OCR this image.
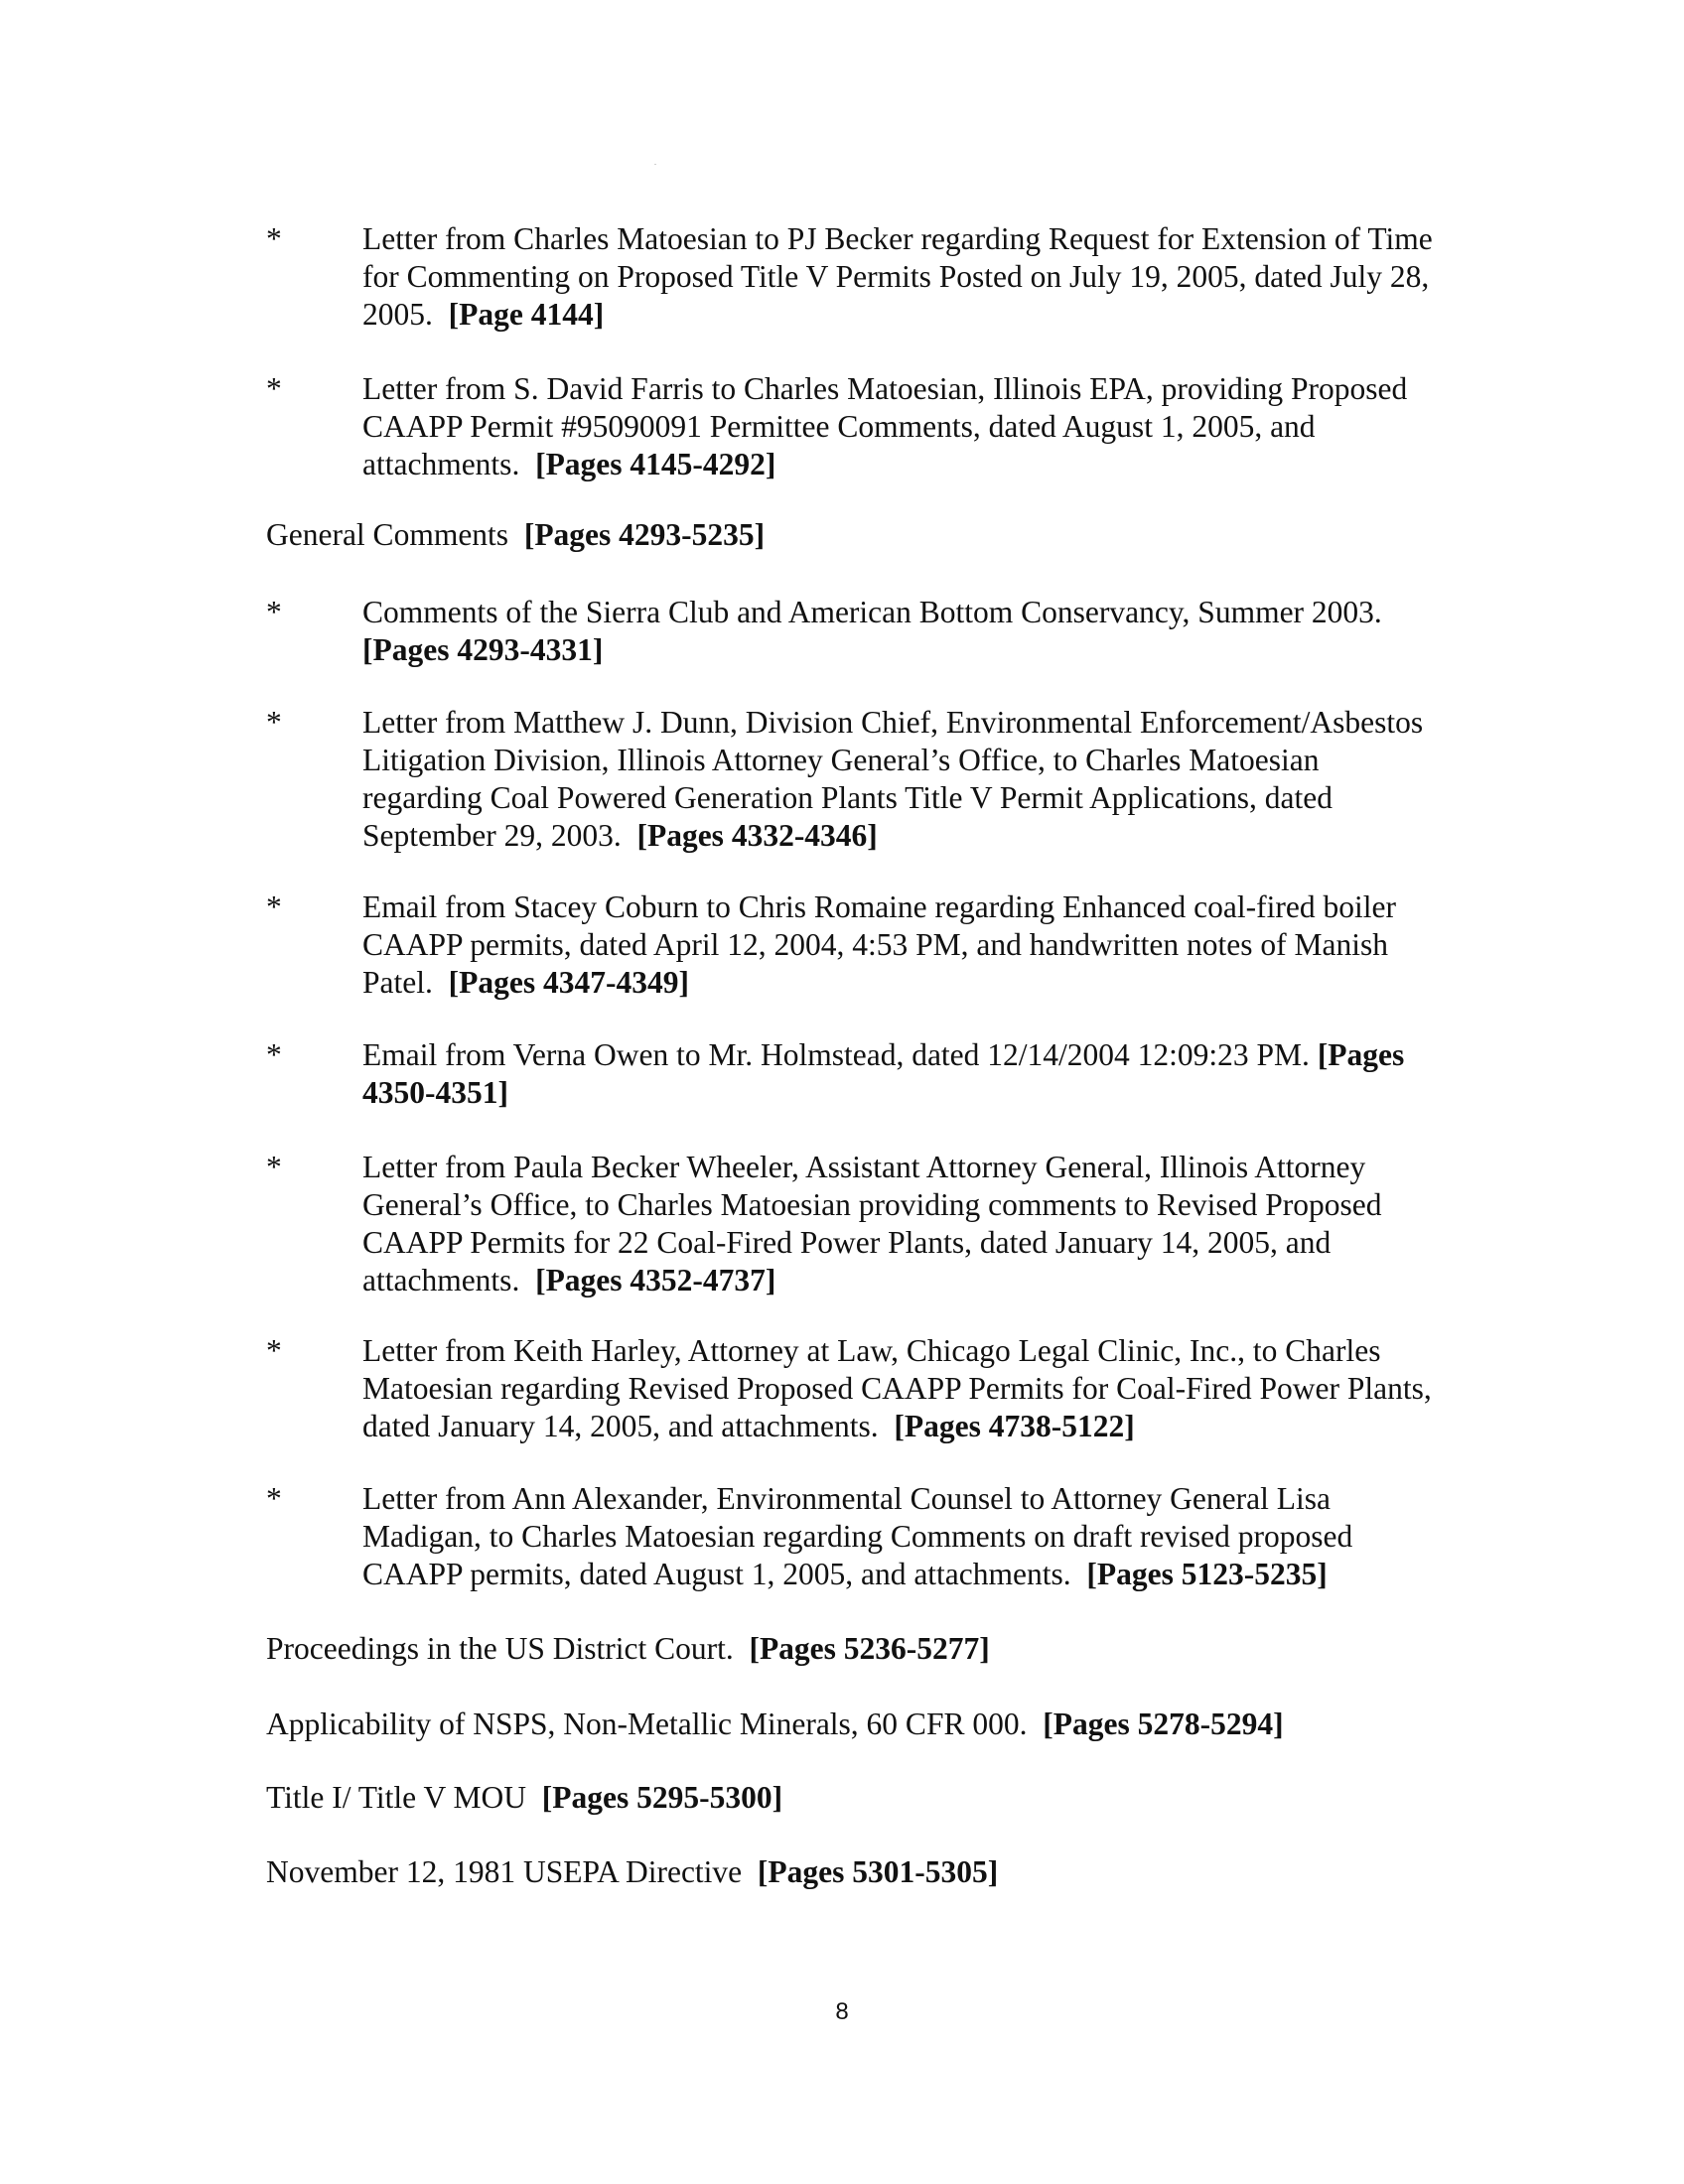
*	Letter from Charles Matoesian to PJ Becker regarding Request for Extension of Time for Commenting on Proposed Title V Permits Posted on July 19, 2005, dated July 28, 2005. [Page 4144]
*	Letter from S. David Farris to Charles Matoesian, Illinois EPA, providing Proposed CAAPP Permit #95090091 Permittee Comments, dated August 1, 2005, and attachments. [Pages 4145-4292]
General Comments [Pages 4293-5235]
*	Comments of the Sierra Club and American Bottom Conservancy, Summer 2003. [Pages 4293-4331]
*	Letter from Matthew J. Dunn, Division Chief, Environmental Enforcement/Asbestos Litigation Division, Illinois Attorney General’s Office, to Charles Matoesian regarding Coal Powered Generation Plants Title V Permit Applications, dated September 29, 2003. [Pages 4332-4346]
*	Email from Stacey Coburn to Chris Romaine regarding Enhanced coal-fired boiler CAAPP permits, dated April 12, 2004, 4:53 PM, and handwritten notes of Manish Patel. [Pages 4347-4349]
*	Email from Verna Owen to Mr. Holmstead, dated 12/14/2004 12:09:23 PM. [Pages 4350-4351]
*	Letter from Paula Becker Wheeler, Assistant Attorney General, Illinois Attorney General’s Office, to Charles Matoesian providing comments to Revised Proposed CAAPP Permits for 22 Coal-Fired Power Plants, dated January 14, 2005, and attachments. [Pages 4352-4737]
*	Letter from Keith Harley, Attorney at Law, Chicago Legal Clinic, Inc., to Charles Matoesian regarding Revised Proposed CAAPP Permits for Coal-Fired Power Plants, dated January 14, 2005, and attachments. [Pages 4738-5122]
*	Letter from Ann Alexander, Environmental Counsel to Attorney General Lisa Madigan, to Charles Matoesian regarding Comments on draft revised proposed CAAPP permits, dated August 1, 2005, and attachments. [Pages 5123-5235]
Proceedings in the US District Court. [Pages 5236-5277]
Applicability of NSPS, Non-Metallic Minerals, 60 CFR 000. [Pages 5278-5294]
Title I/ Title V MOU [Pages 5295-5300]
November 12, 1981 USEPA Directive [Pages 5301-5305]
8
